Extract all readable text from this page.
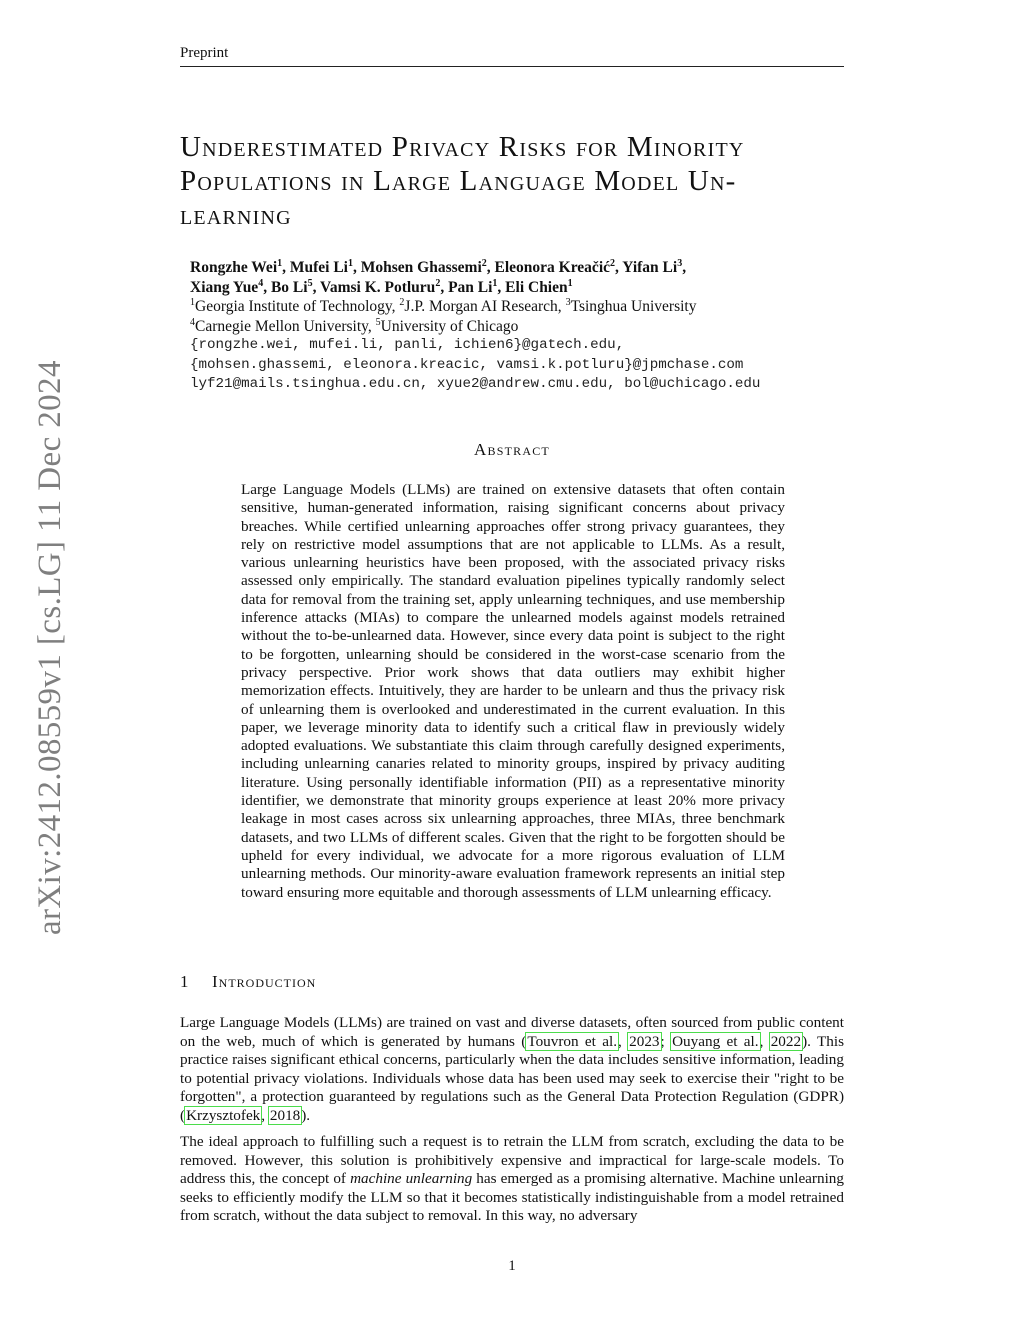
Preprint
arXiv:2412.08559v1 [cs.LG] 11 Dec 2024
Underestimated Privacy Risks for Minority
Populations in Large Language Model Un-
learning
Rongzhe Wei$^1$, Mufei Li$^1$, Mohsen Ghassemi$^2$, Eleonora Kreačić$^2$, Yifan Li$^3$,
Xiang Yue$^4$, Bo Li$^5$, Vamsi K. Potluru$^2$, Pan Li$^1$, Eli Chien$^1$
$^1$Georgia Institute of Technology, $^2$J.P. Morgan AI Research, $^3$Tsinghua University
$^4$Carnegie Mellon University, $^5$University of Chicago
{rongzhe.wei, mufei.li, panli, ichien6}@gatech.edu,
{mohsen.ghassemi, eleonora.kreacic, vamsi.k.potluru}@jpmchase.com
lyf21@mails.tsinghua.edu.cn, xyue2@andrew.cmu.edu, bol@uchicago.edu
Abstract
Large Language Models (LLMs) are trained on extensive datasets that often contain sensitive, human-generated information, raising significant concerns about privacy breaches. While certified unlearning approaches offer strong privacy guarantees, they rely on restrictive model assumptions that are not applicable to LLMs. As a result, various unlearning heuristics have been proposed, with the associated privacy risks assessed only empirically. The standard evaluation pipelines typically randomly select data for removal from the training set, apply unlearning techniques, and use membership inference attacks (MIAs) to compare the unlearned models against models retrained without the to-be-unlearned data. However, since every data point is subject to the right to be forgotten, unlearning should be considered in the worst-case scenario from the privacy perspective. Prior work shows that data outliers may exhibit higher memorization effects. Intuitively, they are harder to be unlearn and thus the privacy risk of unlearning them is overlooked and underestimated in the current evaluation. In this paper, we leverage minority data to identify such a critical flaw in previously widely adopted evaluations. We substantiate this claim through carefully designed experiments, including unlearning canaries related to minority groups, inspired by privacy auditing literature. Using personally identifiable information (PII) as a representative minority identifier, we demonstrate that minority groups experience at least 20% more privacy leakage in most cases across six unlearning approaches, three MIAs, three benchmark datasets, and two LLMs of different scales. Given that the right to be forgotten should be upheld for every individual, we advocate for a more rigorous evaluation of LLM unlearning methods. Our minority-aware evaluation framework represents an initial step toward ensuring more equitable and thorough assessments of LLM unlearning efficacy.
1 Introduction
Large Language Models (LLMs) are trained on vast and diverse datasets, often sourced from public content on the web, much of which is generated by humans (Touvron et al., 2023; Ouyang et al., 2022). This practice raises significant ethical concerns, particularly when the data includes sensitive information, leading to potential privacy violations. Individuals whose data has been used may seek to exercise their "right to be forgotten", a protection guaranteed by regulations such as the General Data Protection Regulation (GDPR) (Krzysztofek, 2018).
The ideal approach to fulfilling such a request is to retrain the LLM from scratch, excluding the data to be removed. However, this solution is prohibitively expensive and impractical for large-scale models. To address this, the concept of machine unlearning has emerged as a promising alternative. Machine unlearning seeks to efficiently modify the LLM so that it becomes statistically indistinguishable from a model retrained from scratch, without the data subject to removal. In this way, no adversary
1
